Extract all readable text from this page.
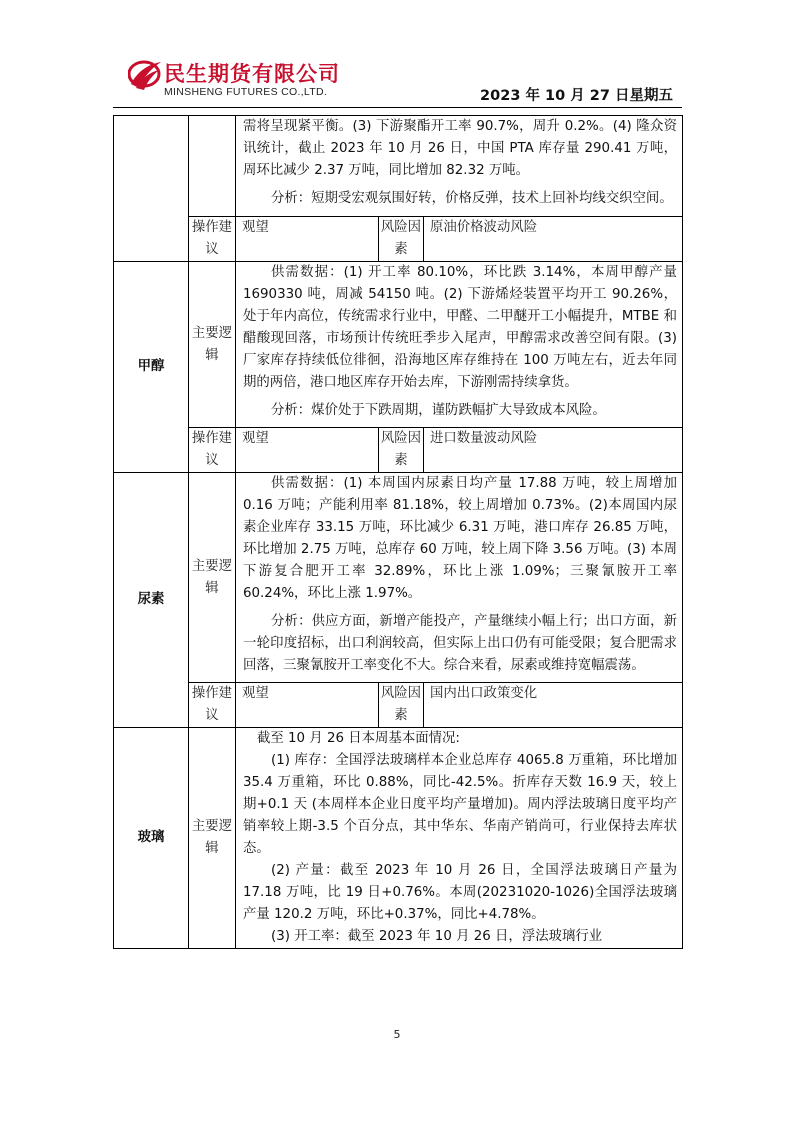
民生期货有限公司
MINSHENG FUTURES CO.,LTD.	2023 年 10 月 27 日星期五

		需将呈现紧平衡。(3) 下游聚酯开工率 90.7%，周升 0.2%。(4) 隆众资讯统计，截止 2023 年 10 月 26 日，中国 PTA 库存量 290.41 万吨，周环比减少 2.37 万吨，同比增加 82.32 万吨。

分析：短期受宏观氛围好转，价格反弹，技术上回补均线交织空间。		

	操作建议	观望	风险因素	原油价格波动风险
甲醇	主要逻辑	供需数据：(1) 开工率 80.10%，环比跌 3.14%，本周甲醇产量 1690330 吨，周减 54150 吨。(2) 下游烯烃装置平均开工 90.26%，处于年内高位，传统需求行业中，甲醛、二甲醚开工小幅提升，MTBE 和醋酸现回落，市场预计传统旺季步入尾声，甲醇需求改善空间有限。(3) 厂家库存持续低位徘徊，沿海地区库存维持在 100 万吨左右，近去年同期的两倍，港口地区库存开始去库，下游刚需持续拿货。

分析：煤价处于下跌周期，谨防跌幅扩大导致成本风险。		

	操作建议	观望	风险因素	进口数量波动风险
尿素	主要逻辑	供需数据：(1) 本周国内尿素日均产量 17.88 万吨，较上周增加 0.16 万吨；产能利用率 81.18%，较上周增加 0.73%。(2)本周国内尿素企业库存 33.15 万吨，环比减少 6.31 万吨，港口库存 26.85 万吨，环比增加 2.75 万吨，总库存 60 万吨，较上周下降 3.56 万吨。(3) 本周下游复合肥开工率 32.89%，环比上涨 1.09%；三聚氰胺开工率 60.24%，环比上涨 1.97%。

分析：供应方面，新增产能投产，产量继续小幅上行；出口方面，新一轮印度招标，出口利润较高，但实际上出口仍有可能受限；复合肥需求回落，三聚氰胺开工率变化不大。综合来看，尿素或维持宽幅震荡。		

	操作建议	观望	风险因素	国内出口政策变化
玻璃	主要逻辑	截至 10 月 26 日本周基本面情况:

(1) 库存：全国浮法玻璃样本企业总库存 4065.8 万重箱，环比增加 35.4 万重箱，环比 0.88%，同比-42.5%。折库存天数 16.9 天，较上期+0.1 天 (本周样本企业日度平均产量增加)。周内浮法玻璃日度平均产销率较上期-3.5 个百分点，其中华东、华南产销尚可，行业保持去库状态。

(2) 产量：截至 2023 年 10 月 26 日，全国浮法玻璃日产量为 17.18 万吨，比 19 日+0.76%。本周(20231020-1026)全国浮法玻璃产量 120.2 万吨，环比+0.37%，同比+4.78%。

(3) 开工率：截至 2023 年 10 月 26 日，浮法玻璃行业		

5
